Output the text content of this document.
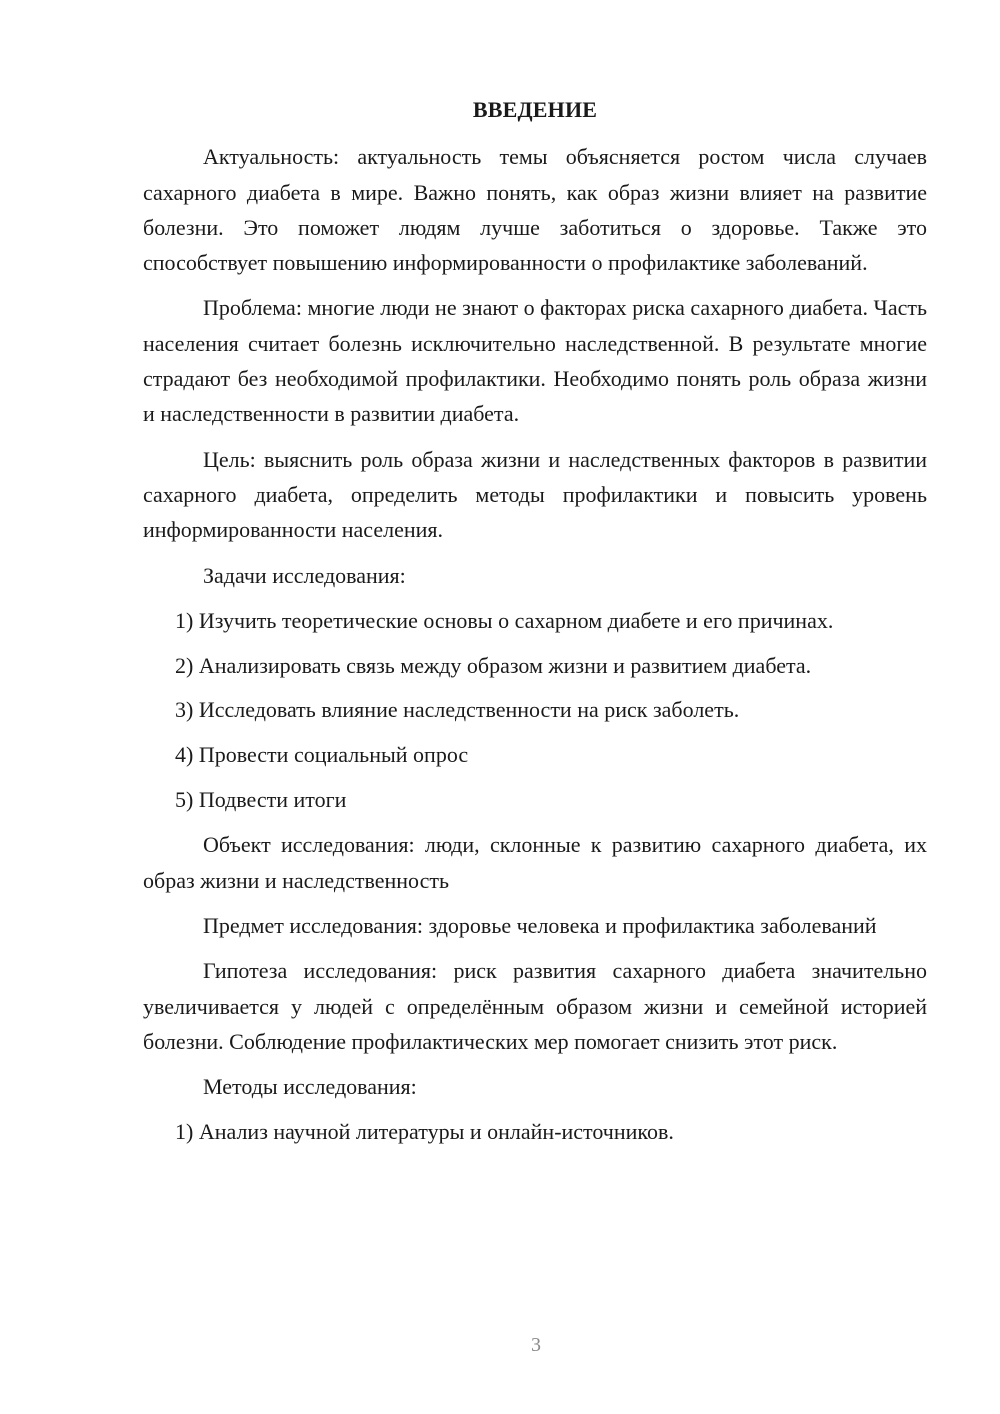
ВВЕДЕНИЕ

Актуальность: актуальность темы объясняется ростом числа случаев сахарного диабета в мире. Важно понять, как образ жизни влияет на развитие болезни. Это поможет людям лучше заботиться о здоровье. Также это способствует повышению информированности о профилактике заболеваний.

Проблема: многие люди не знают о факторах риска сахарного диабета. Часть населения считает болезнь исключительно наследственной. В результате многие страдают без необходимой профилактики. Необходимо понять роль образа жизни и наследственности в развитии диабета.

Цель: выяснить роль образа жизни и наследственных факторов в развитии сахарного диабета, определить методы профилактики и повысить уровень информированности населения.

Задачи исследования:

1) Изучить теоретические основы о сахарном диабете и его причинах.
2) Анализировать связь между образом жизни и развитием диабета.
3) Исследовать влияние наследственности на риск заболеть.
4) Провести социальный опрос
5) Подвести итоги

Объект исследования: люди, склонные к развитию сахарного диабета, их образ жизни и наследственность

Предмет исследования: здоровье человека и профилактика заболеваний

Гипотеза исследования: риск развития сахарного диабета значительно увеличивается у людей с определённым образом жизни и семейной историей болезни. Соблюдение профилактических мер помогает снизить этот риск.

Методы исследования:

1) Анализ научной литературы и онлайн-источников.
3
